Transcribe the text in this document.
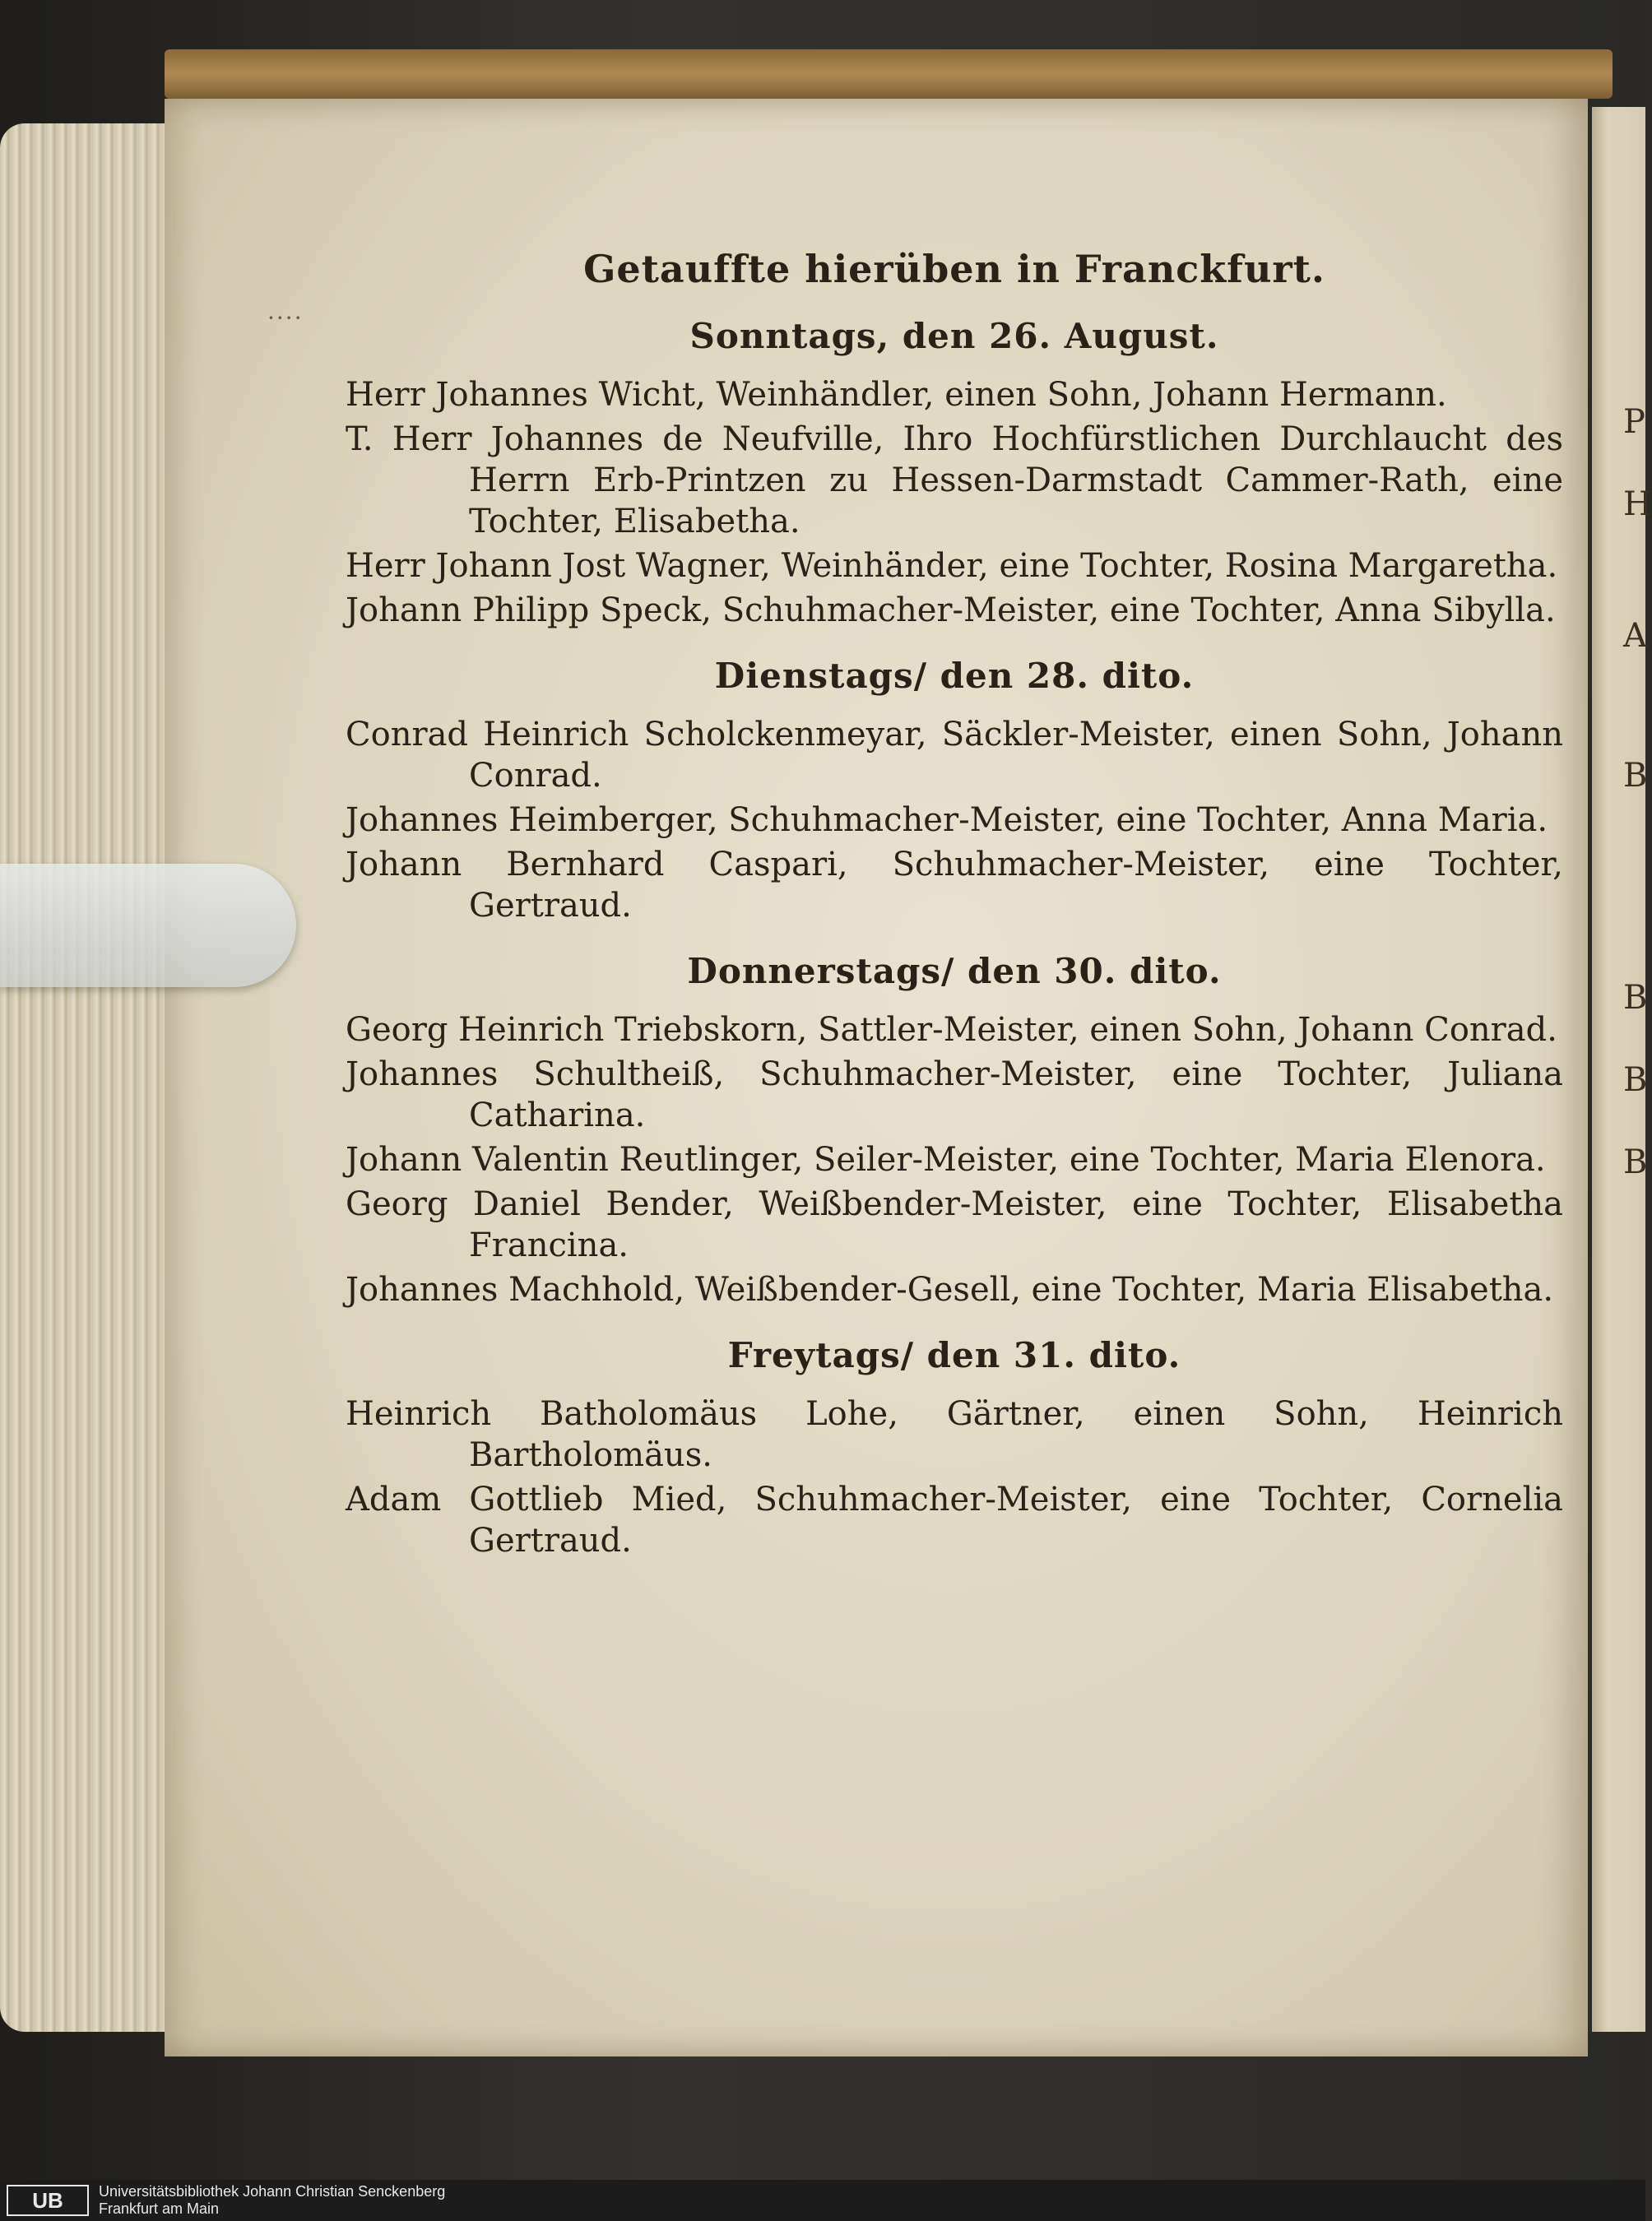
P
H
A
B
B
B
B
····
Getauffte hierüben in Franckfurt.
Sonntags, den 26. August.

Herr Johannes Wicht, Weinhändler, einen Sohn, Johann Hermann.

T. Herr Johannes de Neufville, Ihro Hochfürstlichen Durchlaucht des Herrn Erb-Printzen zu Hessen-Darmstadt Cammer-Rath, eine Tochter, Elisabetha.

Herr Johann Jost Wagner, Weinhänder, eine Tochter, Rosina Margaretha.

Johann Philipp Speck, Schuhmacher-Meister, eine Tochter, Anna Sibylla.

Dienstags/ den 28. dito.

Conrad Heinrich Scholckenmeyar, Säckler-Meister, einen Sohn, Johann Conrad.

Johannes Heimberger, Schuhmacher-Meister, eine Tochter, Anna Maria.

Johann Bernhard Caspari, Schuhmacher-Meister, eine Tochter, Gertraud.

Donnerstags/ den 30. dito.

Georg Heinrich Triebskorn, Sattler-Meister, einen Sohn, Johann Conrad.

Johannes Schultheiß, Schuhmacher-Meister, eine Tochter, Juliana Catharina.

Johann Valentin Reutlinger, Seiler-Meister, eine Tochter, Maria Elenora.

Georg Daniel Bender, Weißbender-Meister, eine Tochter, Elisabetha Francina.

Johannes Machhold, Weißbender-Gesell, eine Tochter, Maria Elisabetha.

Freytags/ den 31. dito.

Heinrich Batholomäus Lohe, Gärtner, einen Sohn, Heinrich Bartholomäus.

Adam Gottlieb Mied, Schuhmacher-Meister, eine Tochter, Cornelia Gertraud.

UB	Universitätsbibliothek Johann Christian Senckenberg
Frankfurt am Main
